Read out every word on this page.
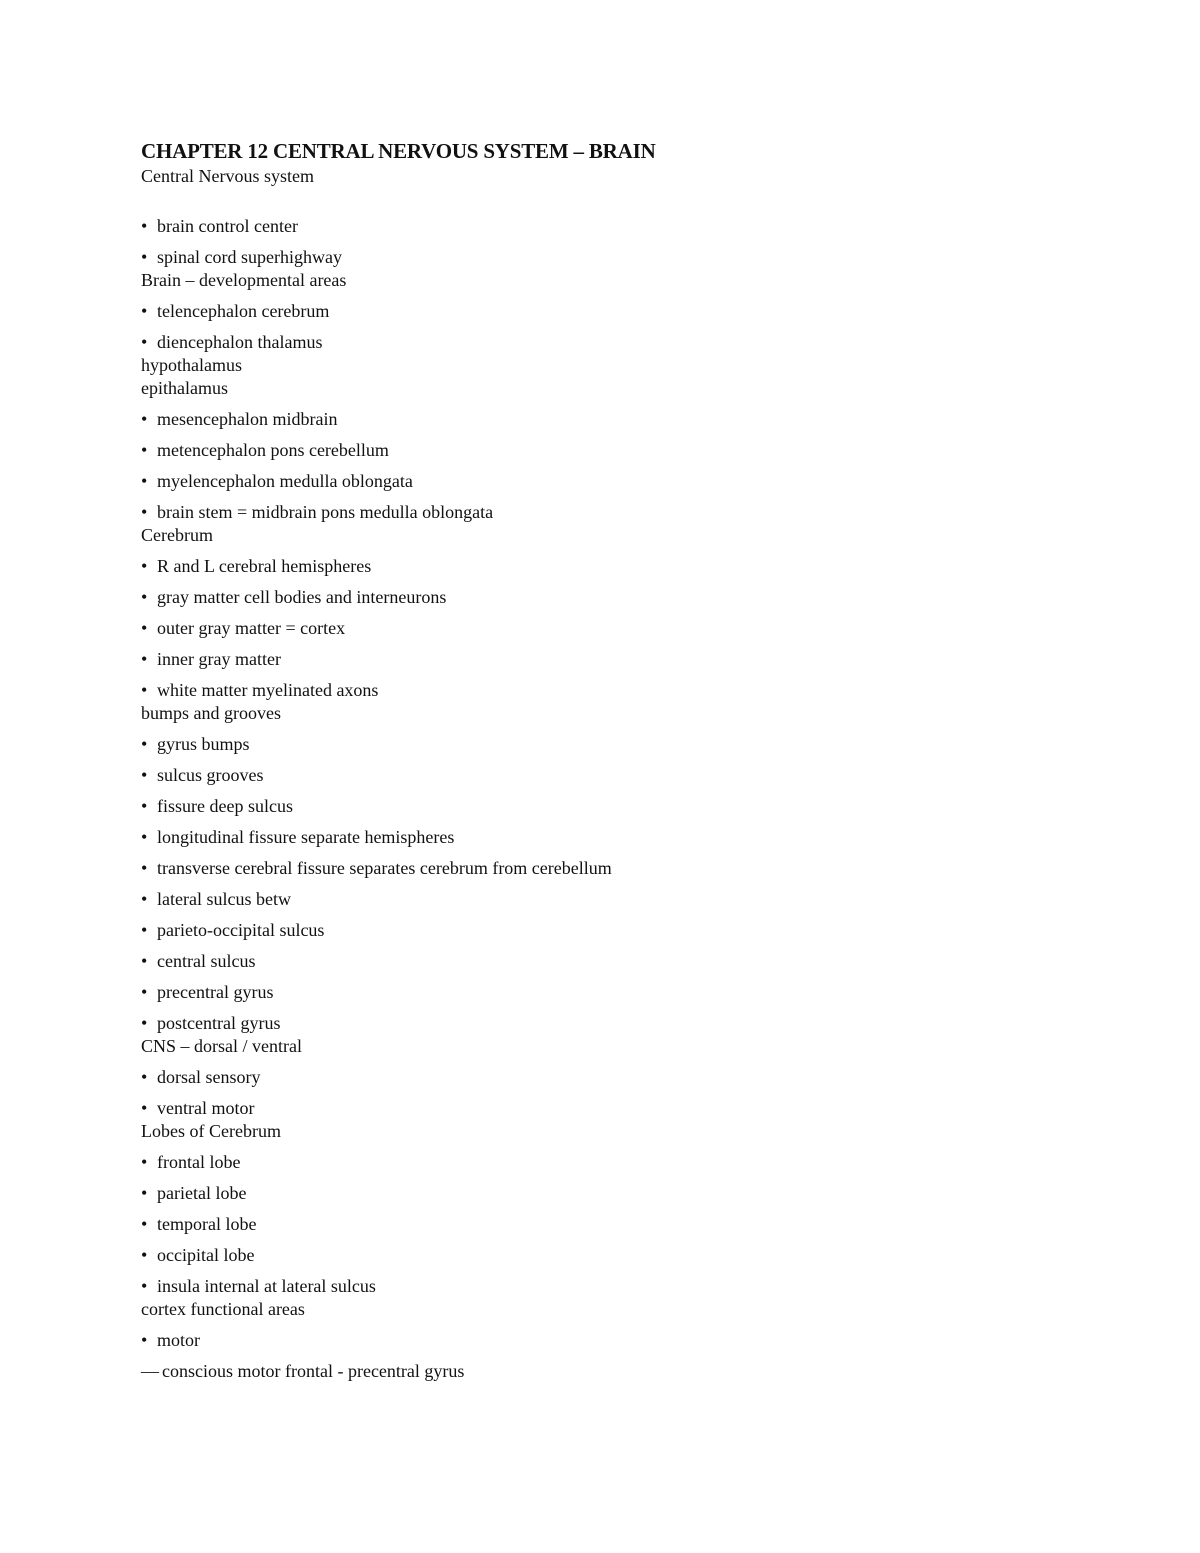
CHAPTER 12 CENTRAL NERVOUS SYSTEM – BRAIN
Central Nervous system
• brain control center
• spinal cord superhighway
Brain – developmental areas
• telencephalon cerebrum
• diencephalon thalamus
hypothalamus
epithalamus
• mesencephalon midbrain
• metencephalon pons cerebellum
• myelencephalon medulla oblongata
• brain stem = midbrain pons medulla oblongata
Cerebrum
• R and L cerebral hemispheres
• gray matter cell bodies and interneurons
• outer gray matter = cortex
• inner gray matter
• white matter myelinated axons
bumps and grooves
• gyrus bumps
• sulcus grooves
• fissure deep sulcus
• longitudinal fissure separate hemispheres
• transverse cerebral fissure separates cerebrum from cerebellum
• lateral sulcus betw
• parieto-occipital sulcus
• central sulcus
• precentral gyrus
• postcentral gyrus
CNS – dorsal / ventral
• dorsal sensory
• ventral motor
Lobes of Cerebrum
• frontal lobe
• parietal lobe
• temporal lobe
• occipital lobe
• insula internal at lateral sulcus
cortex functional areas
• motor
— conscious motor frontal - precentral gyrus
